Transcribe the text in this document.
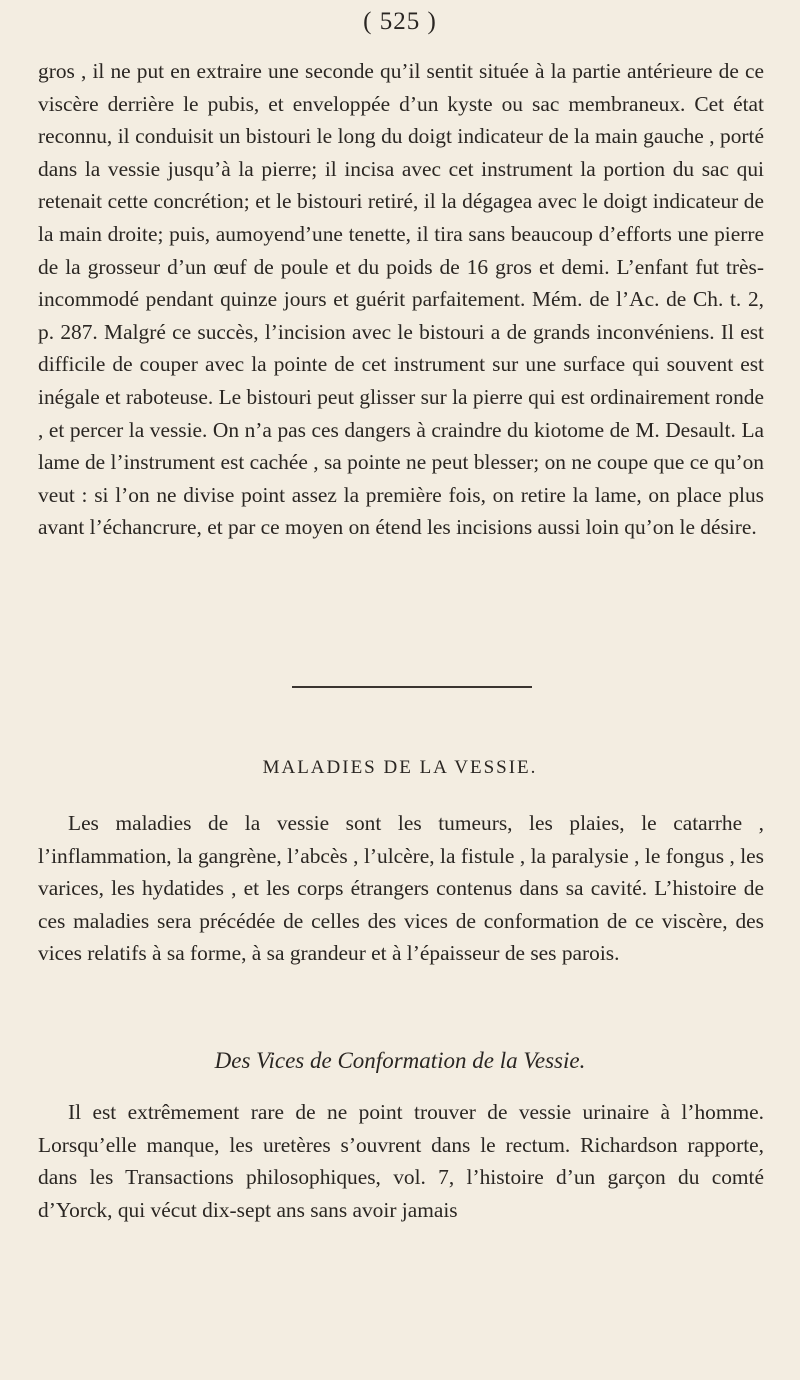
( 525 )

gros , il ne put en extraire une seconde qu’il sentit située à la partie antérieure de ce viscère derrière le pubis, et enveloppée d’un kyste ou sac membraneux. Cet état reconnu, il conduisit un bistouri le long du doigt indicateur de la main gauche , porté dans la vessie jusqu’à la pierre; il incisa avec cet instrument la portion du sac qui retenait cette concrétion; et le bistouri retiré, il la dégagea avec le doigt indicateur de la main droite; puis, aumoyend’une tenette, il tira sans beaucoup d’efforts une pierre de la grosseur d’un œuf de poule et du poids de 16 gros et demi. L’enfant fut très-incommodé pendant quinze jours et guérit parfaitement. Mém. de l’Ac. de Ch. t. 2, p. 287. Malgré ce succès, l’incision avec le bistouri a de grands inconvéniens. Il est difficile de couper avec la pointe de cet instrument sur une surface qui souvent est inégale et raboteuse. Le bistouri peut glisser sur la pierre qui est ordinairement ronde , et percer la vessie. On n’a pas ces dangers à craindre du kiotome de M. Desault. La lame de l’instrument est cachée , sa pointe ne peut blesser; on ne coupe que ce qu’on veut : si l’on ne divise point assez la première fois, on retire la lame, on place plus avant l’échancrure, et par ce moyen on étend les incisions aussi loin qu’on le désire.

MALADIES DE LA VESSIE.

Les maladies de la vessie sont les tumeurs, les plaies, le catarrhe , l’inflammation, la gangrène, l’abcès , l’ulcère, la fistule , la paralysie , le fongus , les varices, les hydatides , et les corps étrangers contenus dans sa cavité. L’histoire de ces maladies sera précédée de celles des vices de conformation de ce viscère, des vices relatifs à sa forme, à sa grandeur et à l’épaisseur de ses parois.

Des Vices de Conformation de la Vessie.

Il est extrêmement rare de ne point trouver de vessie urinaire à l’homme. Lorsqu’elle manque, les uretères s’ouvrent dans le rectum. Richardson rapporte, dans les Transactions philosophiques, vol. 7, l’histoire d’un garçon du comté d’Yorck, qui vécut dix-sept ans sans avoir jamais
